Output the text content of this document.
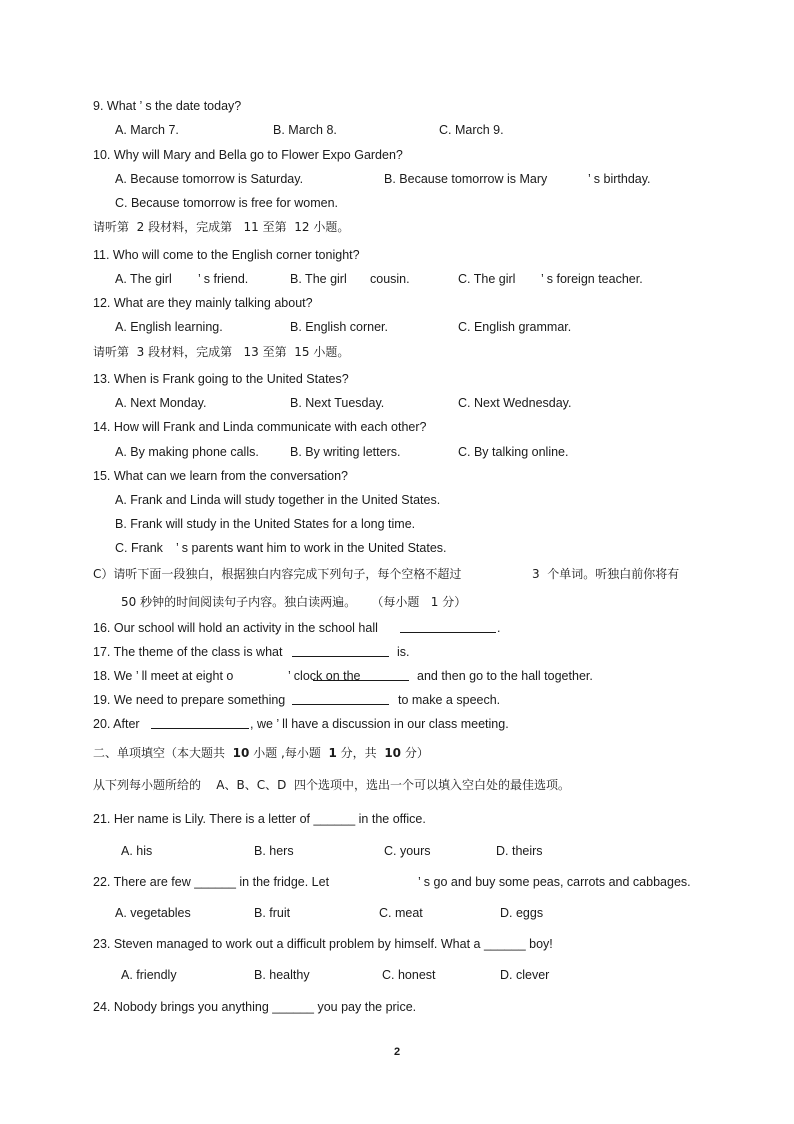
9. What ’ s the date today?
A. March 7.	B. March 8.	C. March 9.
10. Why will Mary and Bella go to Flower Expo Garden?
A. Because tomorrow is Saturday.	B. Because tomorrow is Mary	’ s birthday.
C. Because tomorrow is free for women.
请听第  2 段材料，完成第   11 至第  12 小题。
11. Who will come to the English corner tonight?
A. The girl ’ s friend.	B. The girl cousin.	C. The girl ’ s foreign teacher.
12. What are they mainly talking about?
A. English learning.	B. English corner.	C. English grammar.
请听第  3 段材料，完成第   13 至第  15 小题。
13. When is Frank going to the United States?
A. Next Monday.	B. Next Tuesday.	C. Next Wednesday.
14. How will Frank and Linda communicate with each other?
A. By making phone calls. B. By writing letters.	C. By talking online.
15. What can we learn from the conversation?
A. Frank and Linda will study together in the United States.
B. Frank will study in the United States for a long time.
C. Frank ’ s parents want him to work in the United States.
C）请听下面一段独白，根据独白内容完成下列句子，每个空格不超过	3  个单词。听独白前你将有
50 秒钟的时间阅读句子内容。独白读两遍。    （每小题   1 分）
16. Our school will hold an activity in the school hall	.
17. The theme of the class is what	is.
18. We ’ ll meet at eight o	’ clock on the	and then go to the hall together.
19. We need to prepare something	to make a speech.
20. After	, we ’ ll have a discussion in our class meeting.
二、单项填空（本大题共 10 小题 ,每小题 1 分，共 10 分）
从下列每小题所给的    A、B、C、D  四个选项中，选出一个可以填入空白处的最佳选项。
21. Her name is Lily. There is a letter of ______ in the office.
A. his	B. hers	C. yours	D. theirs
22. There are few ______ in the fridge. Let	’ s go and buy some peas, carrots and cabbages.
A. vegetables	B. fruit	C. meat	D. eggs
23. Steven managed to work out a difficult problem by himself. What a ______ boy!
A. friendly	B. healthy	C. honest	D. clever
24. Nobody brings you anything ______ you pay the price.
2
